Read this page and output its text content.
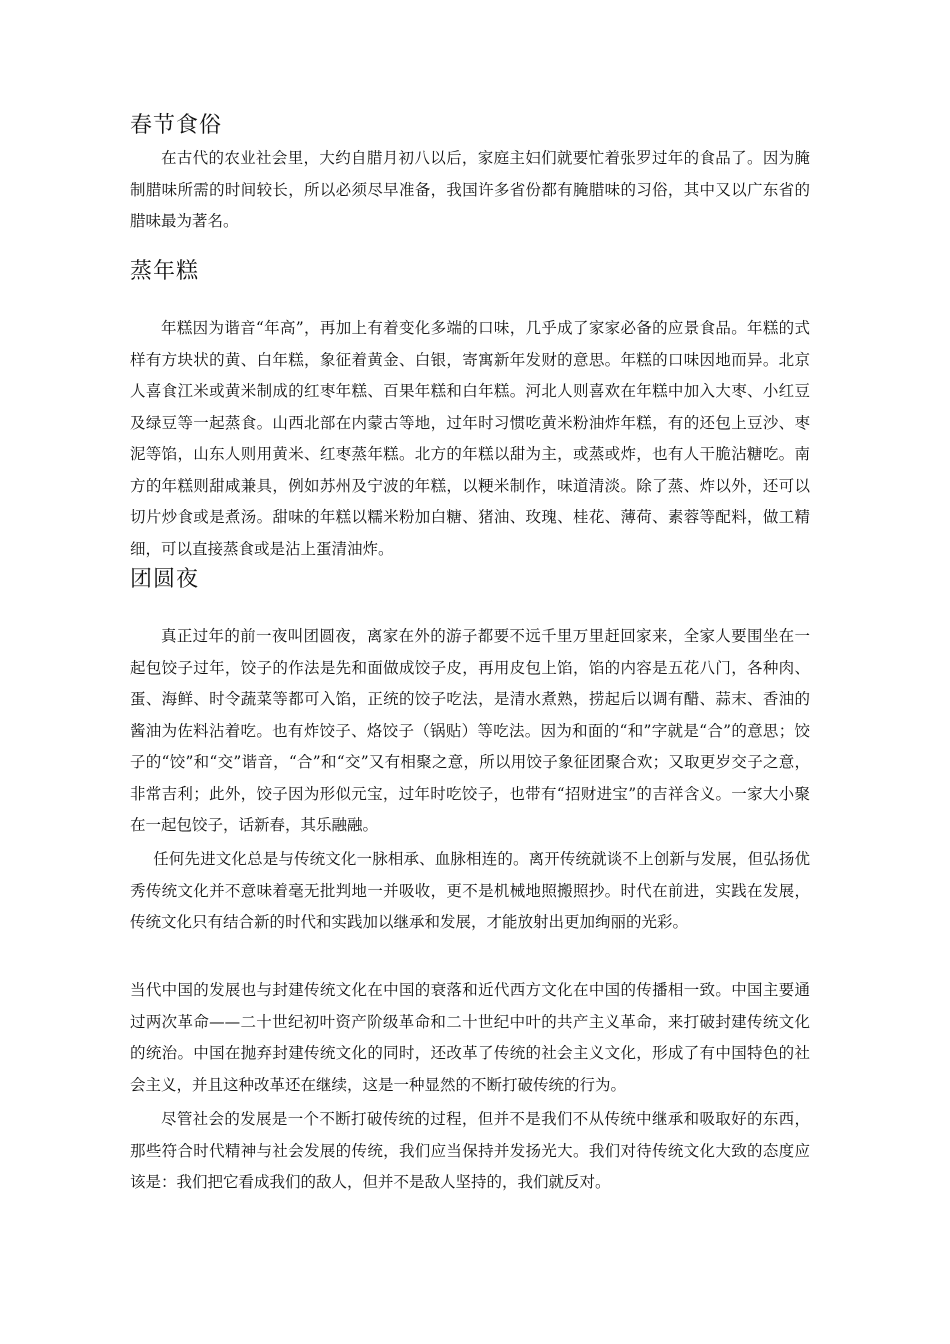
春节食俗

在古代的农业社会里，大约自腊月初八以后，家庭主妇们就要忙着张罗过年的食品了。因为腌制腊味所需的时间较长，所以必须尽早准备，我国许多省份都有腌腊味的习俗，其中又以广东省的腊味最为著名。

蒸年糕

年糕因为谐音“年高”，再加上有着变化多端的口味，几乎成了家家必备的应景食品。年糕的式样有方块状的黄、白年糕，象征着黄金、白银，寄寓新年发财的意思。年糕的口味因地而异。北京人喜食江米或黄米制成的红枣年糕、百果年糕和白年糕。河北人则喜欢在年糕中加入大枣、小红豆及绿豆等一起蒸食。山西北部在内蒙古等地，过年时习惯吃黄米粉油炸年糕，有的还包上豆沙、枣泥等馅，山东人则用黄米、红枣蒸年糕。北方的年糕以甜为主，或蒸或炸，也有人干脆沾糖吃。南方的年糕则甜咸兼具，例如苏州及宁波的年糕，以粳米制作，味道清淡。除了蒸、炸以外，还可以切片炒食或是煮汤。甜味的年糕以糯米粉加白糖、猪油、玫瑰、桂花、薄荷、素蓉等配料，做工精细，可以直接蒸食或是沾上蛋清油炸。

团圆夜

真正过年的前一夜叫团圆夜，离家在外的游子都要不远千里万里赶回家来，全家人要围坐在一起包饺子过年，饺子的作法是先和面做成饺子皮，再用皮包上馅，馅的内容是五花八门，各种肉、蛋、海鲜、时令蔬菜等都可入馅，正统的饺子吃法，是清水煮熟，捞起后以调有醋、蒜末、香油的酱油为佐料沾着吃。也有炸饺子、烙饺子（锅贴）等吃法。因为和面的“和”字就是“合”的意思；饺子的“饺”和“交”谐音，“合”和“交”又有相聚之意，所以用饺子象征团聚合欢；又取更岁交子之意，非常吉利；此外，饺子因为形似元宝，过年时吃饺子，也带有“招财进宝”的吉祥含义。一家大小聚在一起包饺子，话新春，其乐融融。

任何先进文化总是与传统文化一脉相承、血脉相连的。离开传统就谈不上创新与发展，但弘扬优秀传统文化并不意味着毫无批判地一并吸收，更不是机械地照搬照抄。时代在前进，实践在发展，传统文化只有结合新的时代和实践加以继承和发展，才能放射出更加绚丽的光彩。

当代中国的发展也与封建传统文化在中国的衰落和近代西方文化在中国的传播相一致。中国主要通过两次革命——二十世纪初叶资产阶级革命和二十世纪中叶的共产主义革命，来打破封建传统文化的统治。中国在抛弃封建传统文化的同时，还改革了传统的社会主义文化，形成了有中国特色的社会主义，并且这种改革还在继续，这是一种显然的不断打破传统的行为。

尽管社会的发展是一个不断打破传统的过程，但并不是我们不从传统中继承和吸取好的东西，那些符合时代精神与社会发展的传统，我们应当保持并发扬光大。我们对待传统文化大致的态度应该是：我们把它看成我们的敌人，但并不是敌人坚持的，我们就反对。
